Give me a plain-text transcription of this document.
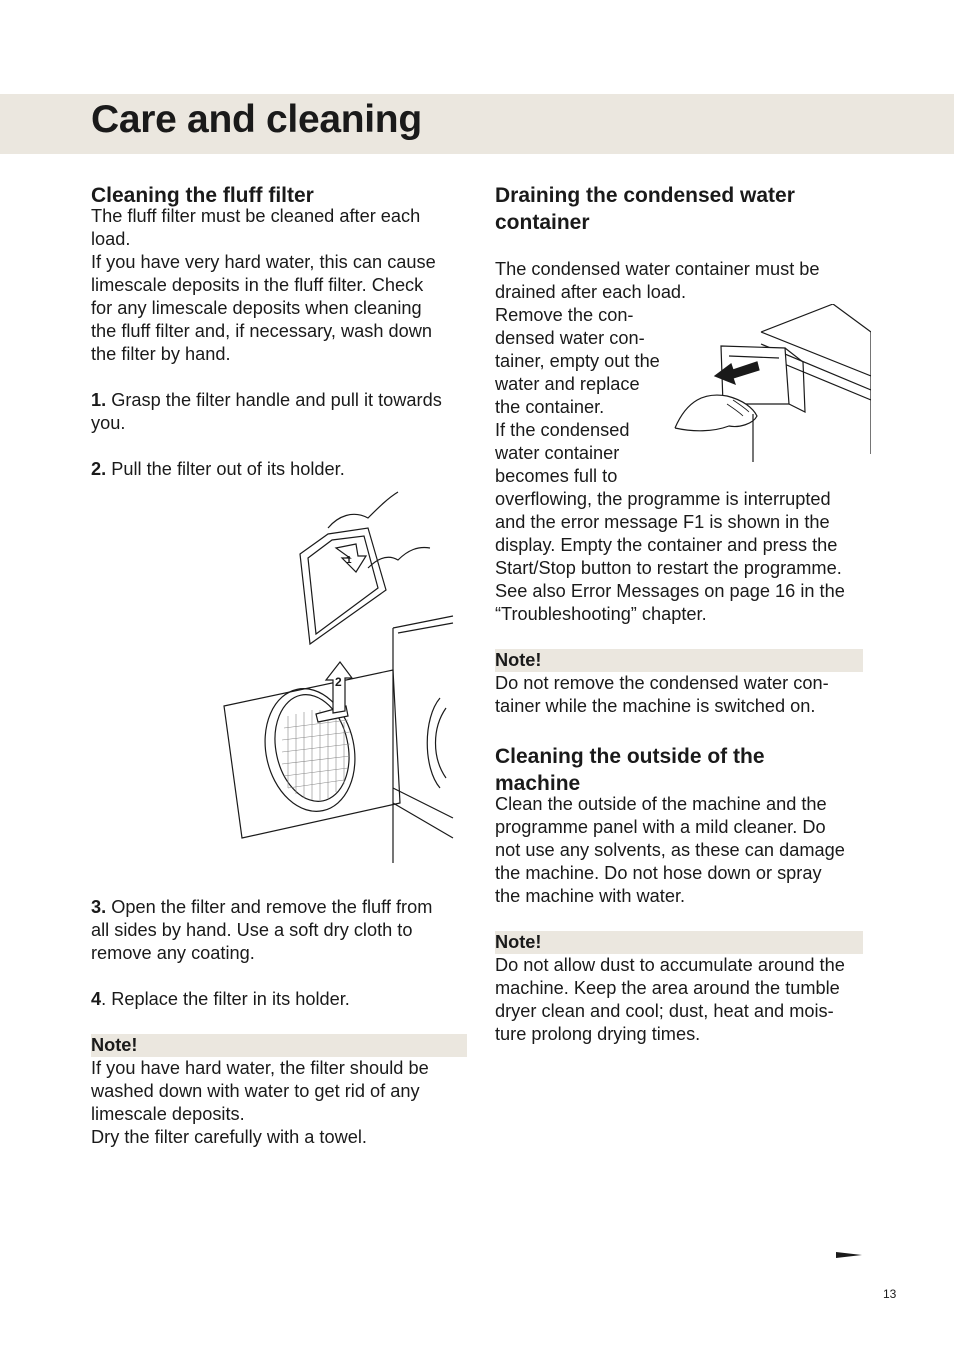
Care and cleaning
Cleaning the fluff filter
The fluff filter must be cleaned after each
load.
If you have very hard water, this can cause
limescale deposits in the fluff filter. Check
for any limescale deposits when cleaning
the fluff filter and, if necessary, wash down
the filter by hand.
1. Grasp the filter handle and pull it towards
you.
2. Pull the filter out of its holder.
3. Open the filter and remove the fluff from
all sides by hand. Use a soft dry cloth to
remove any coating.
4. Replace the filter in its holder.
Note!
If you have hard water, the filter should be
washed down with water to get rid of any
limescale deposits.
Dry the filter carefully with a towel.
2
1
Draining the condensed water
container
The condensed water container must be
drained after each load.
Remove the con-
densed water con-
tainer, empty out the
water and replace
the container.
If the condensed
water container
becomes full to
overflowing, the programme is interrupted
and the error message F1 is shown in the
display. Empty the container and press the
Start/Stop button to restart the programme.
See also Error Messages on page 16 in the
“Troubleshooting” chapter.
Note!
Do not remove the condensed water con-
tainer while the machine is switched on.
Cleaning the outside of the
machine
Clean the outside of the machine and the
programme panel with a mild cleaner. Do
not use any solvents, as these can damage
the machine. Do not hose down or spray
the machine with water.
Note!
Do not allow dust to accumulate around the
machine. Keep the area around the tumble
dryer clean and cool; dust, heat and mois-
ture prolong drying times.
13
